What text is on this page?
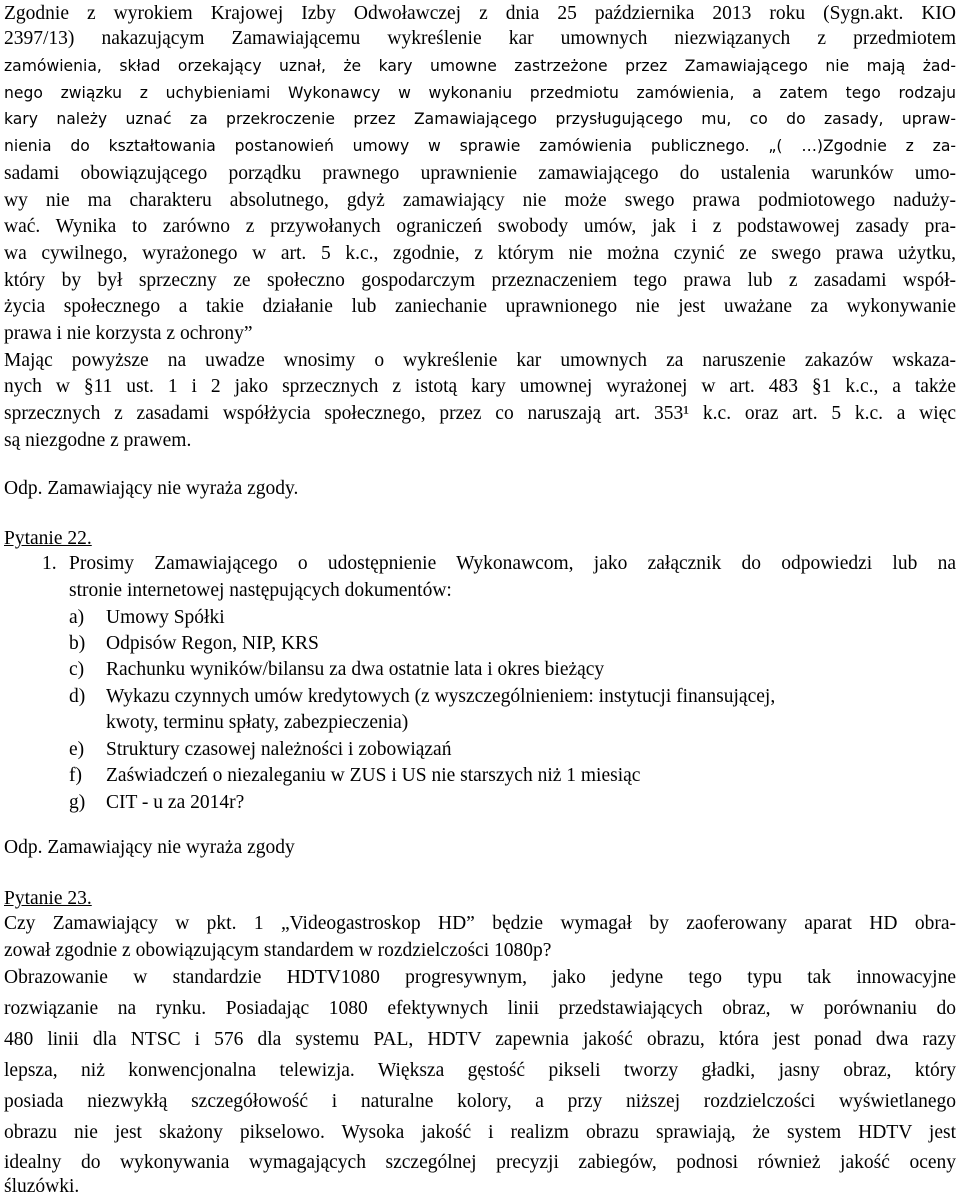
Zgodnie z wyrokiem Krajowej Izby Odwoławczej z dnia 25 października 2013 roku (Sygn.akt. KIO
2397/13) nakazującym Zamawiającemu wykreślenie kar umownych niezwiązanych z przedmiotem
zamówienia, skład orzekający uznał, że kary umowne zastrzeżone przez Zamawiającego nie mają żad-
nego związku z uchybieniami Wykonawcy w wykonaniu przedmiotu zamówienia, a zatem tego rodzaju
kary należy uznać za przekroczenie przez Zamawiającego przysługującego mu, co do zasady, upraw-
nienia do kształtowania postanowień umowy w sprawie zamówienia publicznego. „( …)Zgodnie z za-
sadami obowiązującego porządku prawnego uprawnienie zamawiającego do ustalenia warunków umo-
wy nie ma charakteru absolutnego, gdyż zamawiający nie może swego prawa podmiotowego naduży-
wać. Wynika to zarówno z przywołanych ograniczeń swobody umów, jak i z podstawowej zasady pra-
wa cywilnego, wyrażonego w art. 5 k.c., zgodnie, z którym nie można czynić ze swego prawa użytku,
który by był sprzeczny ze społeczno gospodarczym przeznaczeniem tego prawa lub z zasadami współ-
życia społecznego a takie działanie lub zaniechanie uprawnionego nie jest uważane za wykonywanie
prawa i nie korzysta z ochrony”
Mając powyższe na uwadze wnosimy o wykreślenie kar umownych za naruszenie zakazów wskaza-
nych w §11 ust. 1 i 2 jako sprzecznych z istotą kary umownej wyrażonej w art. 483 §1 k.c., a także
sprzecznych z zasadami współżycia społecznego, przez co naruszają art. 353¹ k.c. oraz art. 5 k.c. a więc
są niezgodne z prawem.
Odp. Zamawiający nie wyraża zgody.
Pytanie 22.
1. Prosimy Zamawiającego o udostępnienie Wykonawcom, jako załącznik do odpowiedzi lub na
stronie internetowej następujących dokumentów:
a) Umowy Spółki
b) Odpisów Regon, NIP, KRS
c) Rachunku wyników/bilansu za dwa ostatnie lata i okres bieżący
d) Wykazu czynnych umów kredytowych (z wyszczególnieniem: instytucji finansującej,
kwoty, terminu spłaty, zabezpieczenia)
e) Struktury czasowej należności i zobowiązań
f) Zaświadczeń o niezaleganiu w ZUS i US nie starszych niż 1 miesiąc
g) CIT - u za 2014r?
Odp. Zamawiający nie wyraża zgody
Pytanie 23.
Czy Zamawiający w pkt. 1 „Videogastroskop HD” będzie wymagał by zaoferowany aparat HD obra-
zował zgodnie z obowiązującym standardem w rozdzielczości 1080p?
Obrazowanie w standardzie HDTV1080 progresywnym, jako jedyne tego typu tak innowacyjne
rozwiązanie na rynku. Posiadając 1080 efektywnych linii przedstawiających obraz, w porównaniu do
480 linii dla NTSC i 576 dla systemu PAL, HDTV zapewnia jakość obrazu, która jest ponad dwa razy
lepsza, niż konwencjonalna telewizja. Większa gęstość pikseli tworzy gładki, jasny obraz, który
posiada niezwykłą szczegółowość i naturalne kolory, a przy niższej rozdzielczości wyświetlanego
obrazu nie jest skażony pikselowo. Wysoka jakość i realizm obrazu sprawiają, że system HDTV jest
idealny do wykonywania wymagających szczególnej precyzji zabiegów, podnosi również jakość oceny
śluzówki.
